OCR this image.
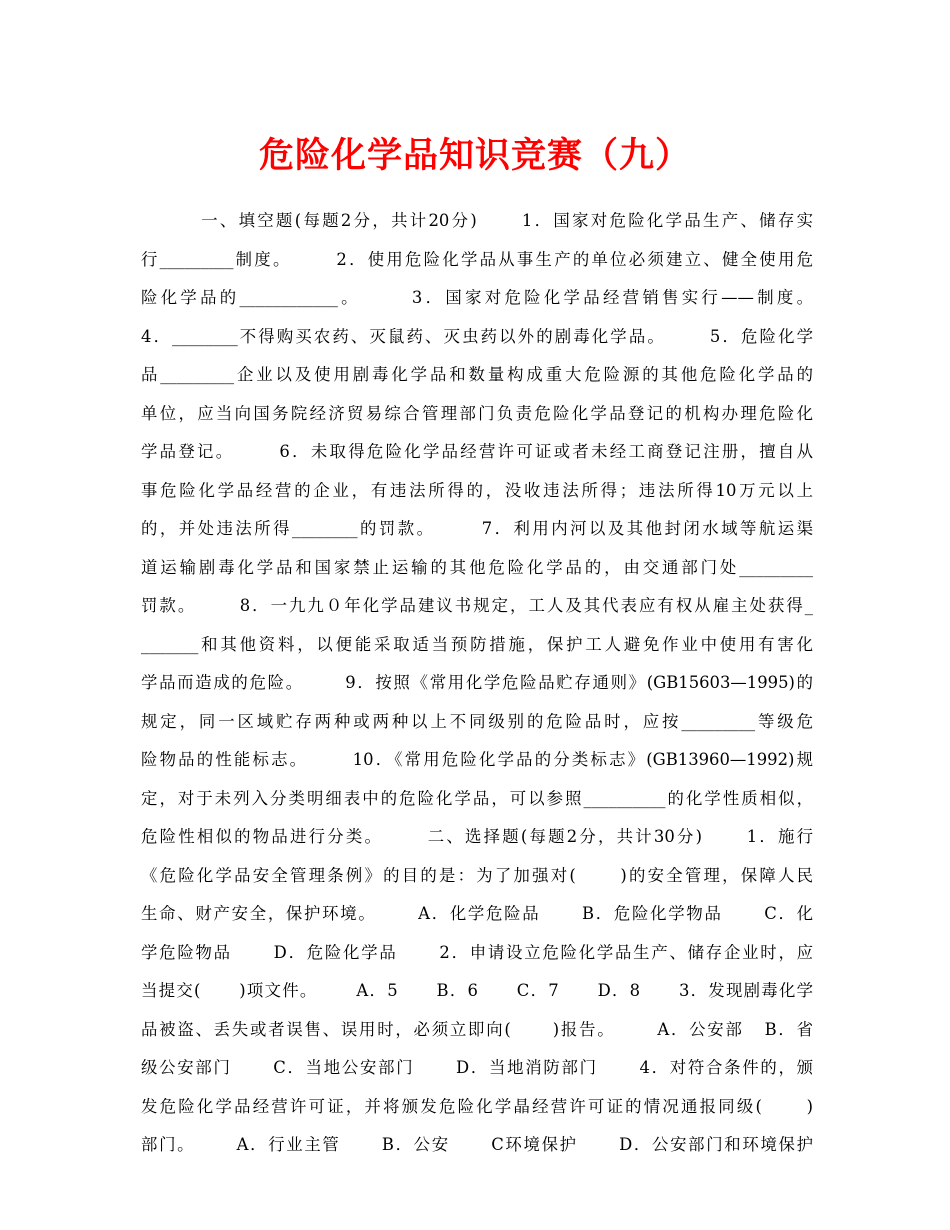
危险化学品知识竞赛（九）
一、填空题(每题2分，共计20分)      1．国家对危险化学品生产、储存实
行_________制度。      2．使用危险化学品从事生产的单位必须建立、健全使用危
险化学品的____________。      3．国家对危险化学品经营销售实行——制度。
4．________不得购买农药、灭鼠药、灭虫药以外的剧毒化学品。      5．危险化学
品_________企业以及使用剧毒化学品和数量构成重大危险源的其他危险化学品的
单位，应当向国务院经济贸易综合管理部门负责危险化学品登记的机构办理危险化
学品登记。      6．未取得危险化学品经营许可证或者未经工商登记注册，擅自从
事危险化学品经营的企业，有违法所得的，没收违法所得；违法所得10万元以上
的，并处违法所得________的罚款。      7．利用内河以及其他封闭水域等航运渠
道运输剧毒化学品和国家禁止运输的其他危险化学品的，由交通部门处_________
罚款。      8．一九九０年化学品建议书规定，工人及其代表应有权从雇主处获得_
_______和其他资料，以便能采取适当预防措施，保护工人避免作业中使用有害化
学品而造成的危险。      9．按照《常用化学危险品贮存通则》(GB15603—1995)的
规定，同一区域贮存两种或两种以上不同级别的危险品时，应按_________等级危
险物品的性能标志。      10．《常用危险化学品的分类标志》(GB13960—1992)规
定，对于未列入分类明细表中的危险化学品，可以参照__________的化学性质相似，
危险性相似的物品进行分类。      二、选择题(每题2分，共计30分)      1．施行
《危险化学品安全管理条例》的目的是：为了加强对(      )的安全管理，保障人民
生命、财产安全，保护环境。      A．化学危险品      B．危险化学物品      C．化
学危险物品      D．危险化学品      2．申请设立危险化学品生产、储存企业时，应
当提交(      )项文件。      A．5      B．6      C．7      D．8      3．发现剧毒化学
品被盗、丢失或者误售、误用时，必须立即向(      )报告。      A．公安部   B．省
级公安部门      C．当地公安部门      D．当地消防部门      4．对符合条件的，颁
发危险化学品经营许可证，并将颁发危险化学晶经营许可证的情况通报同级(      )
部门。      A．行业主管      B．公安      C环境保护      D．公安部门和环境保护
